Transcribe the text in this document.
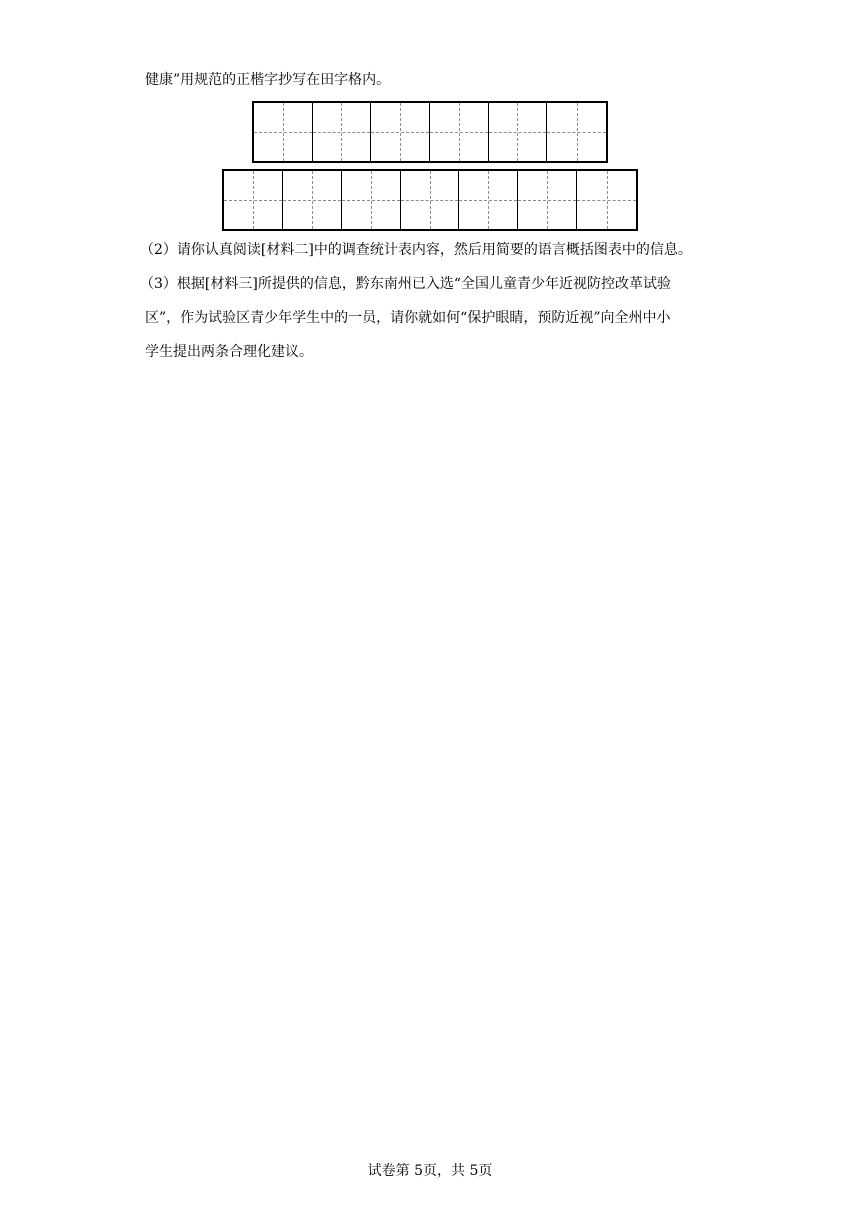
健康”用规范的正楷字抄写在田字格内。
（2）请你认真阅读[材料二]中的调查统计表内容，然后用简要的语言概括图表中的信息。
（3）根据[材料三]所提供的信息，黔东南州已入选“全国儿童青少年近视防控改革试验
区”，作为试验区青少年学生中的一员，请你就如何“保护眼睛，预防近视”向全州中小
学生提出两条合理化建议。
试卷第 5页，共 5页
